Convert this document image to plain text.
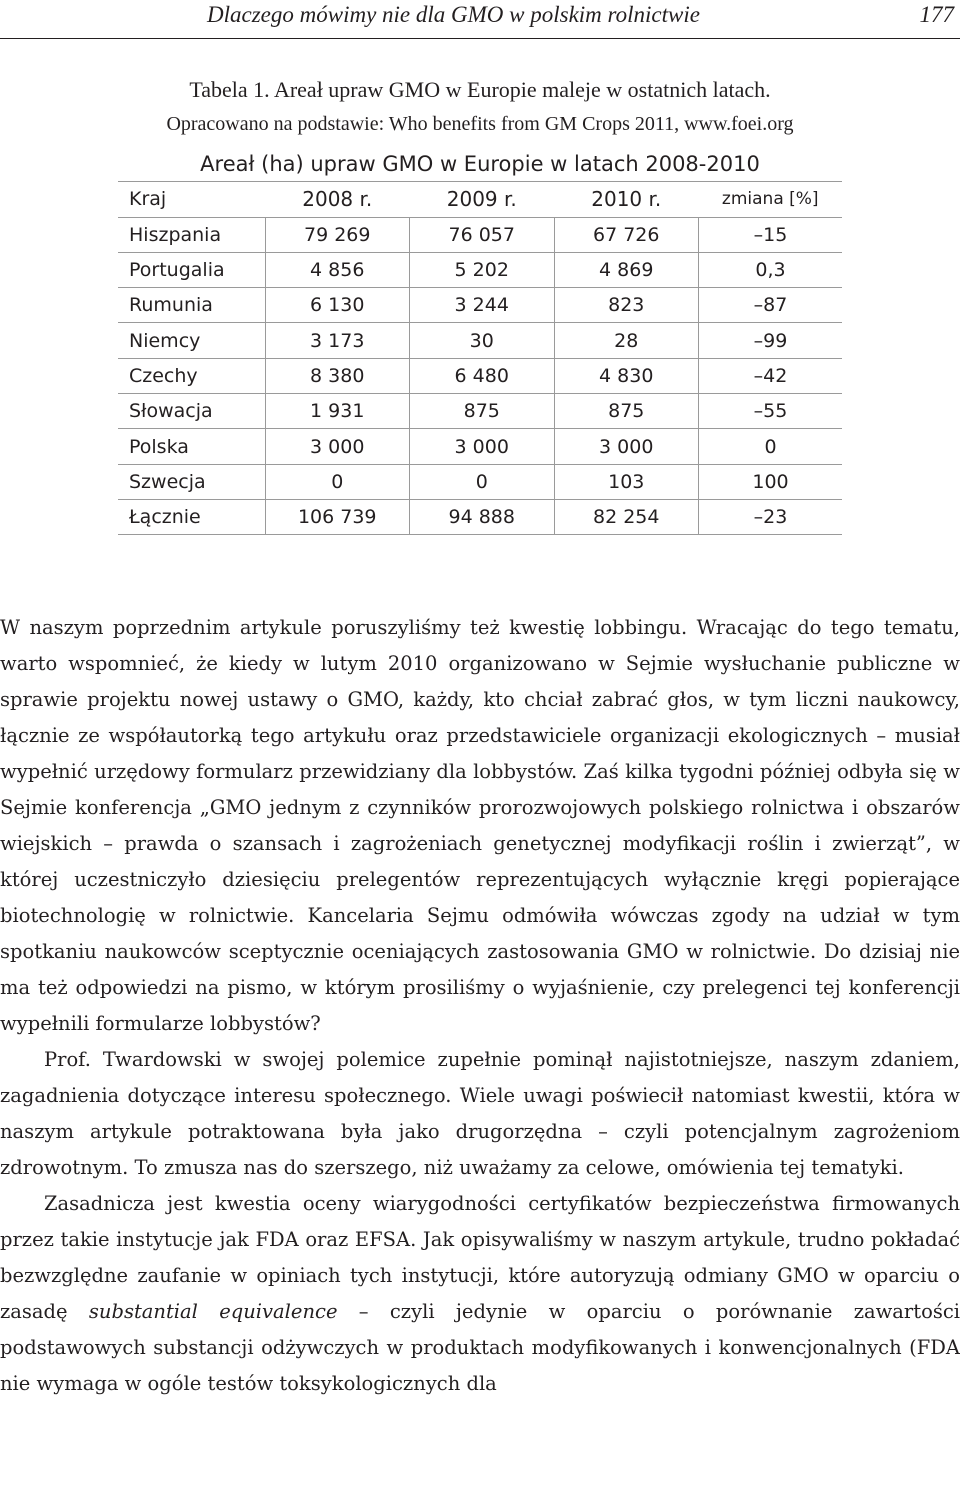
Dlaczego mówimy nie dla GMO w polskim rolnictwie	177
Tabela 1. Areał upraw GMO w Europie maleje w ostatnich latach.
Opracowano na podstawie: Who benefits from GM Crops 2011, www.foei.org
Areał (ha) upraw GMO w Europie w latach 2008-2010				
Kraj	2008 r.	2009 r.	2010 r.	zmiana [%]
Hiszpania	79 269	76 057	67 726	–15
Portugalia	4 856	5 202	4 869	0,3
Rumunia	6 130	3 244	823	–87
Niemcy	3 173	30	28	–99
Czechy	8 380	6 480	4 830	–42
Słowacja	1 931	875	875	–55
Polska	3 000	3 000	3 000	0
Szwecja	0	0	103	100
Łącznie	106 739	94 888	82 254	–23

W naszym poprzednim artykule poruszyliśmy też kwestię lobbingu. Wracając do tego tematu, warto wspomnieć, że kiedy w lutym 2010 organizowano w Sejmie wysłuchanie publiczne w sprawie projektu nowej ustawy o GMO, każdy, kto chciał zabrać głos, w tym liczni naukowcy, łącznie ze współautorką tego artykułu oraz przedstawiciele organizacji ekologicznych – musiał wypełnić urzędowy formularz przewidziany dla lobbystów. Zaś kilka tygodni później odbyła się w Sejmie konferencja „GMO jednym z czynników prorozwojowych polskiego rolnictwa i obszarów wiejskich – prawda o szansach i zagrożeniach genetycznej modyfikacji roślin i zwierząt”, w której uczestniczyło dziesięciu prelegentów reprezentujących wyłącznie kręgi popierające biotechnologię w rolnictwie. Kancelaria Sejmu odmówiła wówczas zgody na udział w tym spotkaniu naukowców sceptycznie oceniających zastosowania GMO w rolnictwie. Do dzisiaj nie ma też odpowiedzi na pismo, w którym prosiliśmy o wyjaśnienie, czy prelegenci tej konferencji wypełnili formularze lobbystów?

Prof. Twardowski w swojej polemice zupełnie pominął najistotniejsze, naszym zdaniem, zagadnienia dotyczące interesu społecznego. Wiele uwagi poświecił natomiast kwestii, która w naszym artykule potraktowana była jako drugorzędna – czyli potencjalnym zagrożeniom zdrowotnym. To zmusza nas do szerszego, niż uważamy za celowe, omówienia tej tematyki.

Zasadnicza jest kwestia oceny wiarygodności certyfikatów bezpieczeństwa firmowanych przez takie instytucje jak FDA oraz EFSA. Jak opisywaliśmy w naszym artykule, trudno pokładać bezwzględne zaufanie w opiniach tych instytucji, które autoryzują odmiany GMO w oparciu o zasadę substantial equivalence – czyli jedynie w oparciu o porównanie zawartości podstawowych substancji odżywczych w produktach modyfikowanych i konwencjonalnych (FDA nie wymaga w ogóle testów toksykologicznych dla
